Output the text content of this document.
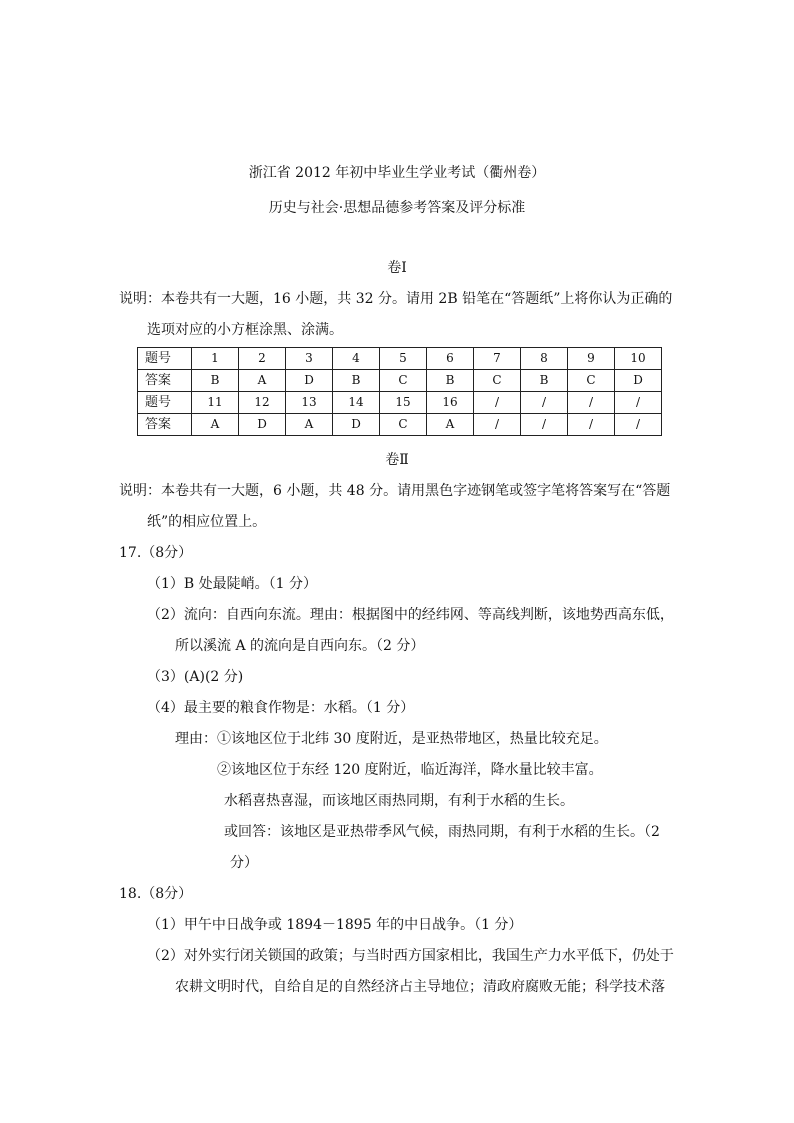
浙江省 2012 年初中毕业生学业考试（衢州卷）
历史与社会·思想品德参考答案及评分标准
卷Ⅰ
说明：本卷共有一大题，16 小题，共 32 分。请用 2B 铅笔在“答题纸”上将你认为正确的
选项对应的小方框涂黑、涂满。
题号	1	2	3	4	5	6	7	8	9	10
答案	B	A	D	B	C	B	C	B	C	D
题号	11	12	13	14	15	16	/	/	/	/
答案	A	D	A	D	C	A	/	/	/	/
卷Ⅱ
说明：本卷共有一大题，6 小题，共 48 分。请用黑色字迹钢笔或签字笔将答案写在“答题
纸”的相应位置上。
17.（8分）
（1）B 处最陡峭。（1 分）
（2）流向：自西向东流。理由：根据图中的经纬网、等高线判断，该地势西高东低，
所以溪流 A 的流向是自西向东。（2 分）
（3）(A)(2 分)
（4）最主要的粮食作物是：水稻。（1 分）
理由：①该地区位于北纬 30 度附近，是亚热带地区，热量比较充足。
②该地区位于东经 120 度附近，临近海洋，降水量比较丰富。
水稻喜热喜湿，而该地区雨热同期，有利于水稻的生长。
或回答：该地区是亚热带季风气候，雨热同期，有利于水稻的生长。（2
分）
18.（8分）
（1）甲午中日战争或 1894－1895 年的中日战争。（1 分）
（2）对外实行闭关锁国的政策；与当时西方国家相比，我国生产力水平低下，仍处于
农耕文明时代，自给自足的自然经济占主导地位；清政府腐败无能；科学技术落
